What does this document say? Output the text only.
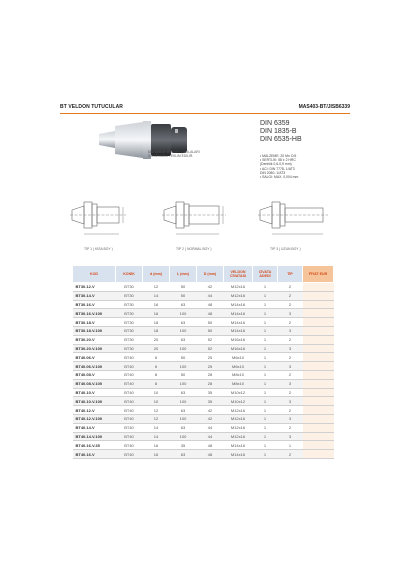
BT VELDON TUTUCULAR	MAS403-BT/JISB6339
DIN 1835-B VELDON ÇAKILALARI
0,3 DENGELİ TESLİM EDİLİR.
DIN 6359
DIN 1835-B
DIN 6535-HB
• MALZEME: 20 Mn Cr5
• SERTLİK: 58 ± 2 HRC
(Derinlik 0,6-0,9 mm)
• ACI: DIN 7778- 1/AT3
DIN 2080- 1/AT3
• SALGI: MAX. 0,004 mm
TİP 1 ( KISA BOY )	TİP 2 ( NORMAL BOY )	TİP 3 ( UZUN BOY )
KOD	KONİK	d (mm)	L (mm)	D (mm)	VELDON CİVATASI	CİVATA ADEDİ	TİP	FİYAT EUR
BT30.12.V	BT30	12	50	42	M12x16	1	2	
BT30.14.V	BT30	14	50	44	M12x16	1	2	
BT30.16.V	BT30	16	63	48	M14x16	1	2	
BT30.16.V.100	BT30	16	100	48	M14x16	1	3	
BT30.18.V	BT30	18	63	50	M14x16	1	2	
BT30.18.V.100	BT30	18	100	50	M14x16	1	3	
BT30.20.V	BT30	20	63	52	M16x16	1	2	
BT30.20.V.100	BT30	20	100	52	M16x16	1	3	
BT40.06.V	BT40	6	50	25	M6x10	1	2	
BT40.06.V.100	BT40	6	100	25	M6x10	1	3	
BT40.08.V	BT40	8	50	28	M8x10	1	2	
BT40.08.V.100	BT40	8	100	28	M8x10	1	3	
BT40.10.V	BT40	10	63	35	M10x12	1	2	
BT40.10.V.100	BT40	10	100	35	M10x12	1	3	
BT40.12.V	BT40	12	63	42	M12x16	1	2	
BT40.12.V.100	BT40	12	100	42	M12x16	1	3	
BT40.14.V	BT40	14	63	44	M12x16	1	2	
BT40.14.V.100	BT40	14	100	44	M12x16	1	3	
BT40.16.V.35	BT40	16	35	48	M14x16	1	1	
BT40.16.V	BT40	16	63	48	M14x16	1	2	
